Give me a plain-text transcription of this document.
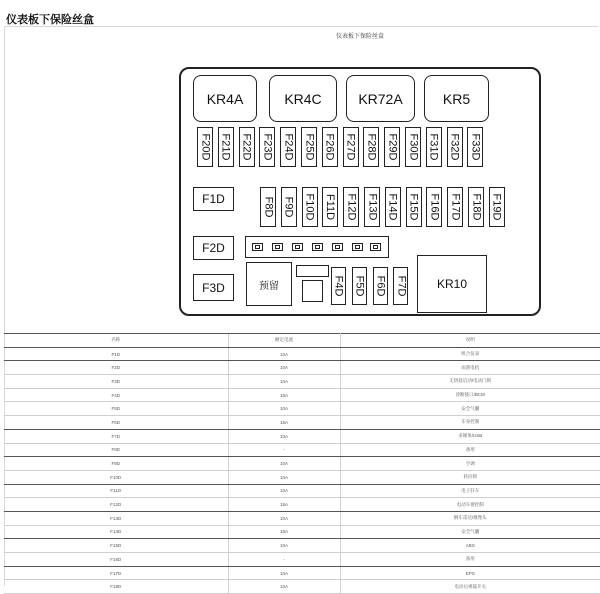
仪表板下保险丝盒
仪表板下保险丝盒
KR4A	KR4C	KR72A	KR5
F20D F21D F22D F23D F24D F25D F26D F27D F28D F29D F30D F31D F32D F33D
F8D F9D F10D F11D F12D F13D F14D F15D F16D F17D F18D F19D
F1D
F2D
F3D	预留	F4D F5D F6D F7D	KR10
名称	额定电流	说明
F1D	10A	组合仪表
F2D	10A	雨刮电机
F3D	10A	无钥匙启动/电动门锁
F4D	15A	诊断接口/BCM
F5D	10A	安全气囊
F6D	15A	车身控制
F7D	10A	多媒体/USB
F8D	-	备用
F9D	10A	空调
F10D	10A	转向锁
F11D	10A	电子驻车
F12D	15A	电动车窗控制
F13D	10A	倒车雷达/摄像头
F14D	15A	安全气囊
F15D	10A	ABS
F16D	-	备用
F17D	10A	EPS
F18D	10A	电动后视镜开关
